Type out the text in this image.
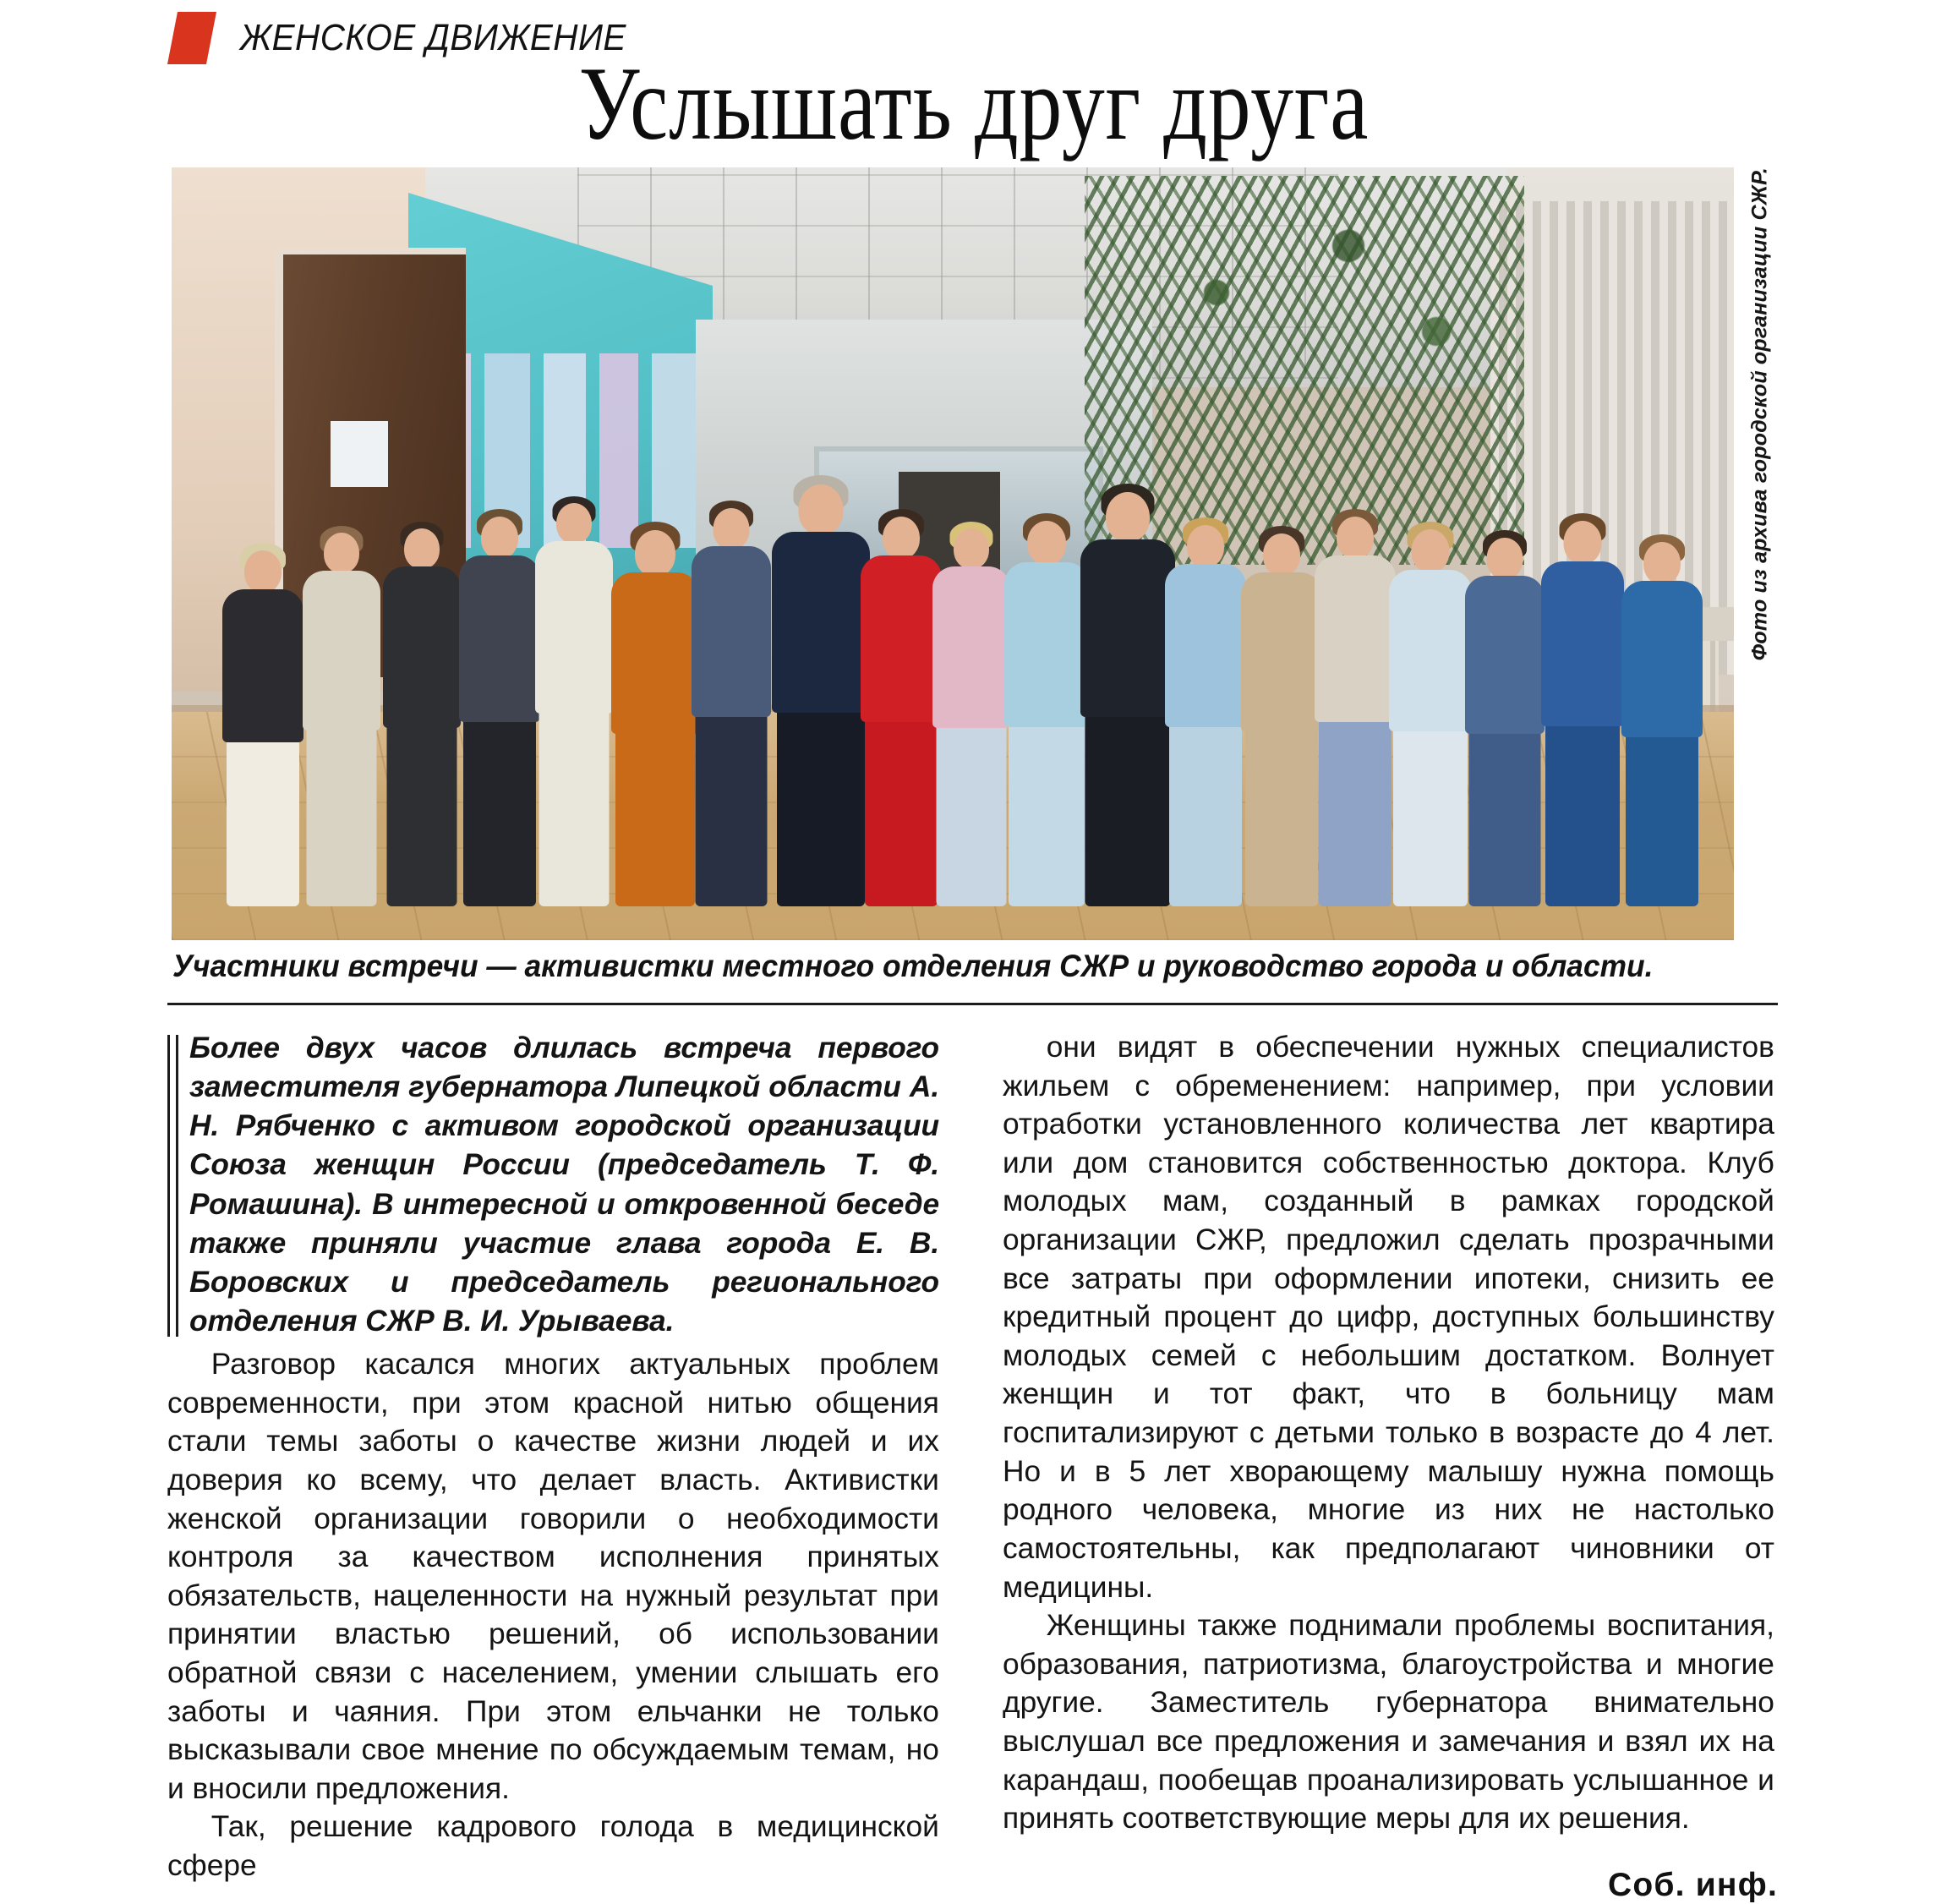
ЖЕНСКОЕ ДВИЖЕНИЕ
Услышать друг друга
Фото из архива городской организации СЖР.
Участники встречи — активистки местного отделения СЖР и руководство города и области.

Более двух часов длилась встреча первого заместителя губернатора Липецкой области А. Н. Рябченко с активом городской организации Союза женщин России (председатель Т. Ф. Ромашина). В интересной и откровенной беседе также приняли участие глава города Е. В. Боровских и председатель регионального отделения СЖР В. И. Урываева.

Разговор касался многих актуальных проблем современности, при этом красной нитью общения стали темы заботы о качестве жизни людей и их доверия ко всему, что делает власть. Активистки женской организации говорили о необходимости контроля за качеством исполнения принятых обязательств, нацеленности на нужный результат при принятии властью решений, об использовании обратной связи с населением, умении слышать его заботы и чаяния. При этом ельчанки не только высказывали свое мнение по обсуждаемым темам, но и вносили предложения.

Так, решение кадрового голода в медицинской сфере

они видят в обеспечении нужных специалистов жильем с обременением: например, при условии отработки установленного количества лет квартира или дом становится собственностью доктора. Клуб молодых мам, созданный в рамках городской организации СЖР, предложил сделать прозрачными все затраты при оформлении ипотеки, снизить ее кредитный процент до цифр, доступных большинству молодых семей с небольшим достатком. Волнует женщин и тот факт, что в больницу мам госпитализируют с детьми только в возрасте до 4 лет. Но и в 5 лет хворающему малышу нужна помощь родного человека, многие из них не настолько самостоятельны, как предполагают чиновники от медицины.

Женщины также поднимали проблемы воспитания, образования, патриотизма, благоустройства и многие другие. Заместитель губернатора внимательно выслушал все предложения и замечания и взял их на карандаш, пообещав проанализировать услышанное и принять соответствующие меры для их решения.

Соб. инф.
